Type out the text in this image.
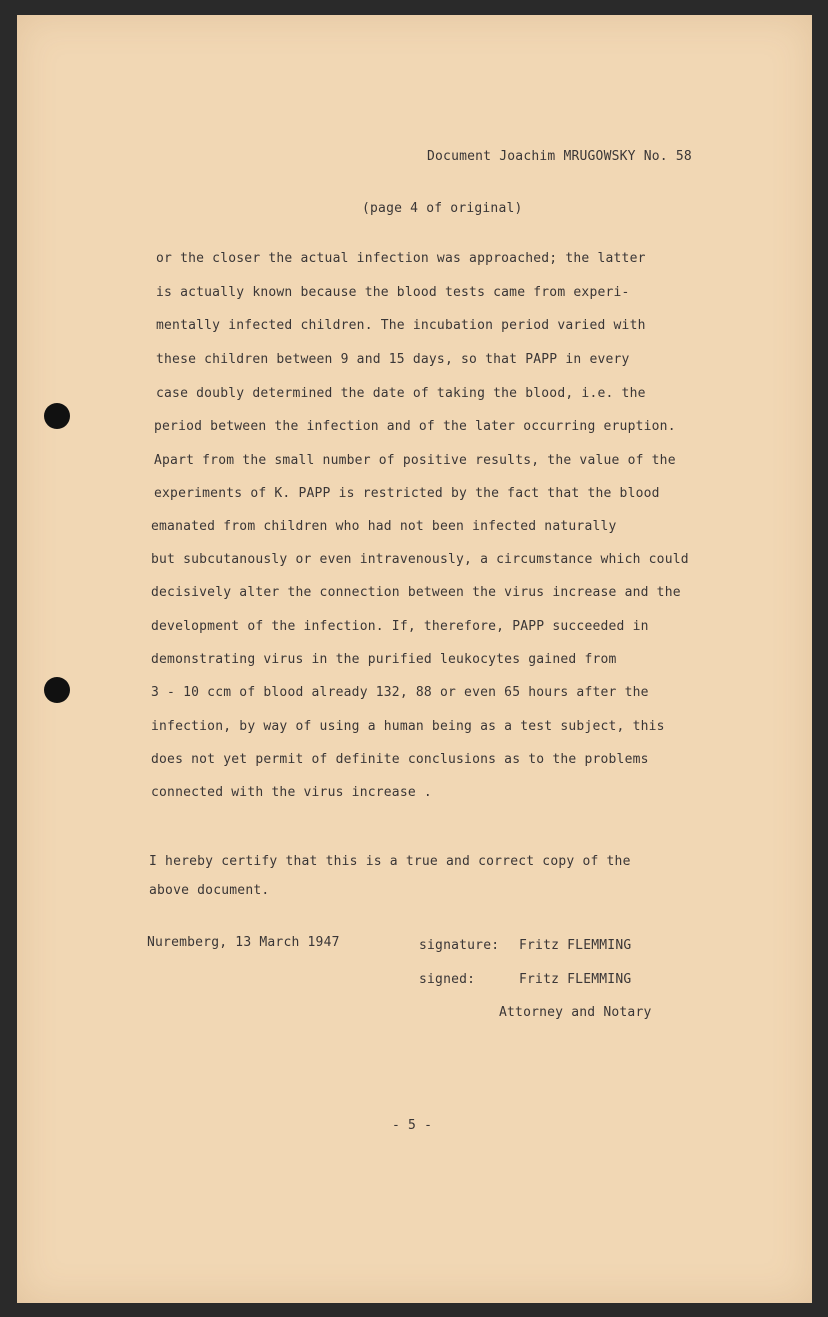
Document Joachim MRUGOWSKY No. 58
(page 4 of original)
or the closer the actual infection was approached; the latter
is actually known because the blood tests came from experi-
mentally infected children. The incubation period varied with
these children between 9 and 15 days, so that PAPP in every
case doubly determined the date of taking the blood, i.e. the
period between the infection and of the later occurring eruption.
Apart from the small number of positive results, the value of the
experiments of K. PAPP is restricted by the fact that the blood
emanated from children who had not been infected naturally
but subcutanously or even intravenously, a circumstance which could
decisively alter the connection between the virus increase and the
development of the infection. If, therefore, PAPP succeeded in
demonstrating virus in the purified leukocytes gained from
3 - 10 ccm of blood already 132, 88 or even 65 hours after the
infection, by way of using a human being as a test subject, this
does not yet permit of definite conclusions as to the problems
connected with the virus increase .
I hereby certify that this is a true and correct copy of the
above document.
Nuremberg, 13 March 1947	signature: Fritz FLEMMING
signed:	Fritz FLEMMING
Attorney and Notary
- 5 -
